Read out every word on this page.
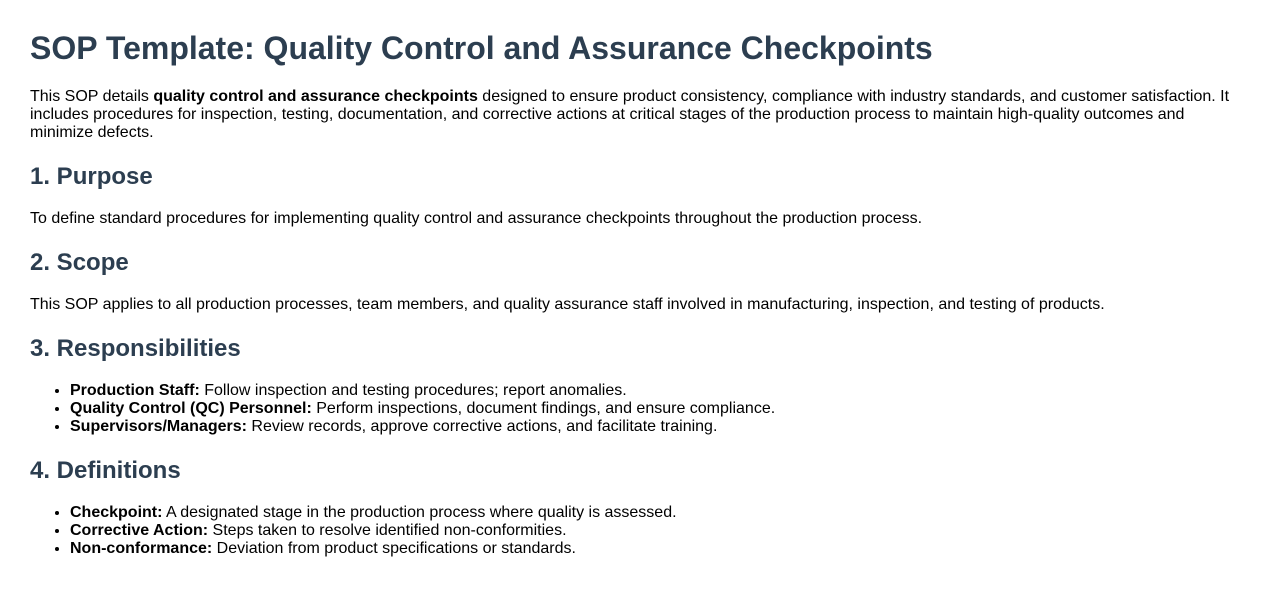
SOP Template: Quality Control and Assurance Checkpoints

This SOP details quality control and assurance checkpoints designed to ensure product consistency, compliance with industry standards, and customer satisfaction. It includes procedures for inspection, testing, documentation, and corrective actions at critical stages of the production process to maintain high-quality outcomes and minimize defects.

1. Purpose

To define standard procedures for implementing quality control and assurance checkpoints throughout the production process.

2. Scope

This SOP applies to all production processes, team members, and quality assurance staff involved in manufacturing, inspection, and testing of products.

3. Responsibilities
• Production Staff: Follow inspection and testing procedures; report anomalies.
• Quality Control (QC) Personnel: Perform inspections, document findings, and ensure compliance.
• Supervisors/Managers: Review records, approve corrective actions, and facilitate training.
4. Definitions
• Checkpoint: A designated stage in the production process where quality is assessed.
• Corrective Action: Steps taken to resolve identified non-conformities.
• Non-conformance: Deviation from product specifications or standards.
